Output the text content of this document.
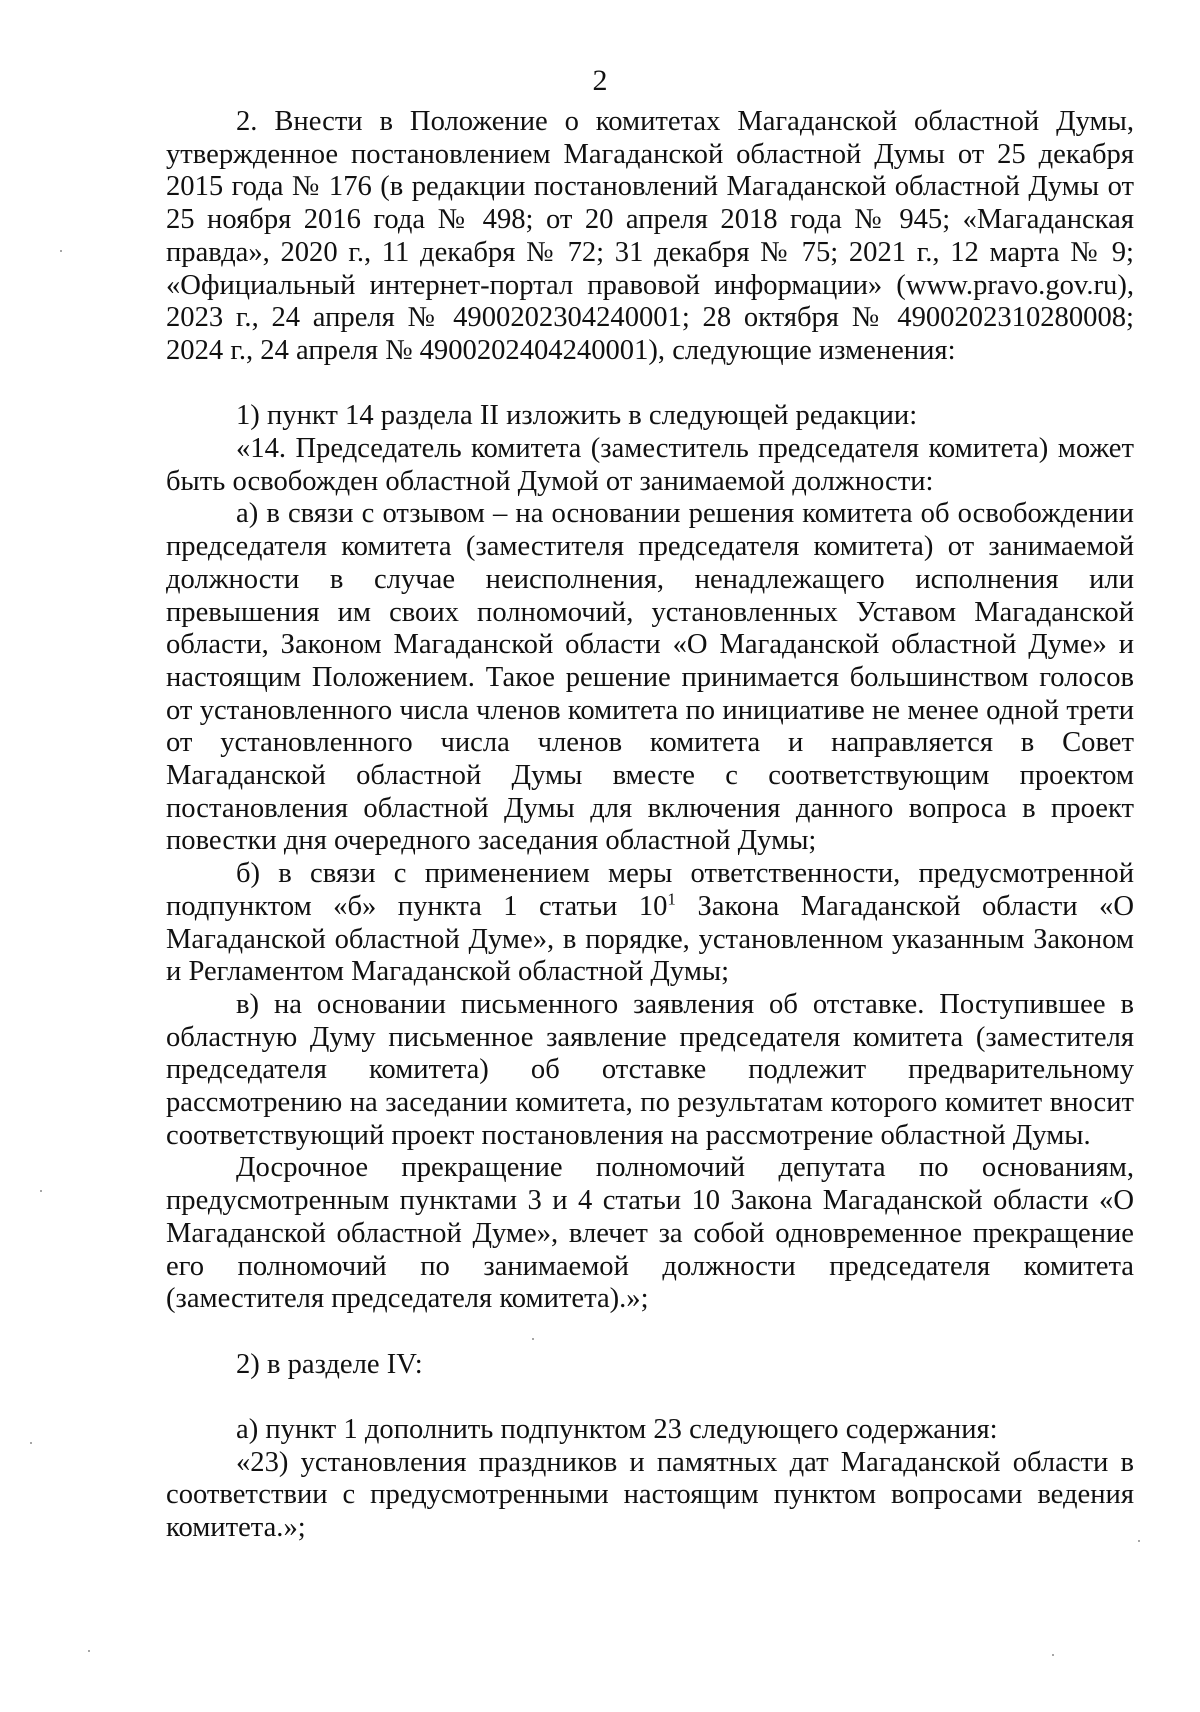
2

2. Внести в Положение о комитетах Магаданской областной Думы, утвержденное постановлением Магаданской областной Думы от 25 декабря 2015 года № 176 (в редакции постановлений Магаданской областной Думы от 25 ноября 2016 года № 498; от 20 апреля 2018 года № 945; «Магаданская правда», 2020 г., 11 декабря № 72; 31 декабря № 75; 2021 г., 12 марта № 9; «Официальный интернет-портал правовой информации» (www.pravo.gov.ru), 2023 г., 24 апреля № 4900202304240001; 28 октября № 4900202310280008; 2024 г., 24 апреля № 4900202404240001), следующие изменения:

1) пункт 14 раздела II изложить в следующей редакции:

«14. Председатель комитета (заместитель председателя комитета) может быть освобожден областной Думой от занимаемой должности:

а) в связи с отзывом – на основании решения комитета об освобождении председателя комитета (заместителя председателя комитета) от занимаемой должности в случае неисполнения, ненадлежащего исполнения или превышения им своих полномочий, установленных Уставом Магаданской области, Законом Магаданской области «О Магаданской областной Думе» и настоящим Положением. Такое решение принимается большинством голосов от установленного числа членов комитета по инициативе не менее одной трети от установленного числа членов комитета и направляется в Совет Магаданской областной Думы вместе с соответствующим проектом постановления областной Думы для включения данного вопроса в проект повестки дня очередного заседания областной Думы;

б) в связи с применением меры ответственности, предусмотренной подпунктом «б» пункта 1 статьи $10^1$ Закона Магаданской области «О Магаданской областной Думе», в порядке, установленном указанным Законом и Регламентом Магаданской областной Думы;

в) на основании письменного заявления об отставке. Поступившее в областную Думу письменное заявление председателя комитета (заместителя председателя комитета) об отставке подлежит предварительному рассмотрению на заседании комитета, по результатам которого комитет вносит соответствующий проект постановления на рассмотрение областной Думы.

Досрочное прекращение полномочий депутата по основаниям, предусмотренным пунктами 3 и 4 статьи 10 Закона Магаданской области «О Магаданской областной Думе», влечет за собой одновременное прекращение его полномочий по занимаемой должности председателя комитета (заместителя председателя комитета).»;

2) в разделе IV:

а) пункт 1 дополнить подпунктом 23 следующего содержания:

«23) установления праздников и памятных дат Магаданской области в соответствии с предусмотренными настоящим пунктом вопросами ведения комитета.»;
